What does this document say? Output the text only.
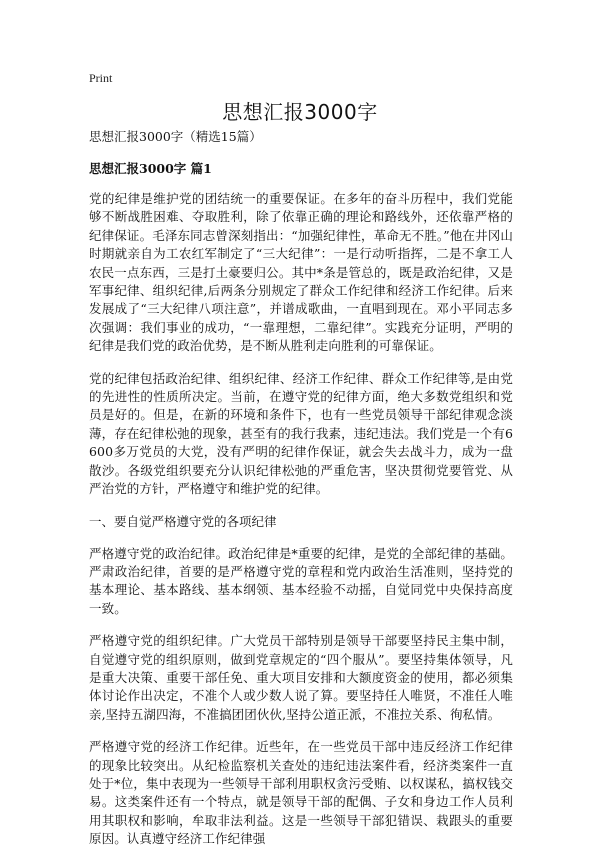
Print
思想汇报3000字

思想汇报3000字（精选15篇）

思想汇报3000字 篇1

党的纪律是维护党的团结统一的重要保证。在多年的奋斗历程中，我们党能够不断战胜困难、夺取胜利，除了依靠正确的理论和路线外，还依靠严格的纪律保证。毛泽东同志曾深刻指出：“加强纪律性，革命无不胜。”他在井冈山时期就亲自为工农红军制定了“三大纪律”：一是行动听指挥，二是不拿工人农民一点东西，三是打土豪要归公。其中*条是管总的，既是政治纪律，又是军事纪律、组织纪律,后两条分别规定了群众工作纪律和经济工作纪律。后来发展成了“三大纪律八项注意”，并谱成歌曲，一直唱到现在。邓小平同志多次强调：我们事业的成功，“一靠理想，二靠纪律”。实践充分证明，严明的纪律是我们党的政治优势，是不断从胜利走向胜利的可靠保证。

党的纪律包括政治纪律、组织纪律、经济工作纪律、群众工作纪律等,是由党的先进性的性质所决定。当前，在遵守党的纪律方面，绝大多数党组织和党员是好的。但是，在新的环境和条件下，也有一些党员领导干部纪律观念淡薄，存在纪律松弛的现象，甚至有的我行我素，违纪违法。我们党是一个有6600多万党员的大党，没有严明的纪律作保证，就会失去战斗力，成为一盘散沙。各级党组织要充分认识纪律松弛的严重危害，坚决贯彻党要管党、从严治党的方针，严格遵守和维护党的纪律。

一、要自觉严格遵守党的各项纪律

严格遵守党的政治纪律。政治纪律是*重要的纪律，是党的全部纪律的基础。严肃政治纪律，首要的是严格遵守党的章程和党内政治生活准则，坚持党的基本理论、基本路线、基本纲领、基本经验不动摇，自觉同党中央保持高度一致。

严格遵守党的组织纪律。广大党员干部特别是领导干部要坚持民主集中制，自觉遵守党的组织原则，做到党章规定的“四个服从”。要坚持集体领导，凡是重大决策、重要干部任免、重大项目安排和大额度资金的使用，都必须集体讨论作出决定，不准个人或少数人说了算。要坚持任人唯贤，不准任人唯亲,坚持五湖四海，不准搞团团伙伙,坚持公道正派，不准拉关系、徇私情。

严格遵守党的经济工作纪律。近些年，在一些党员干部中违反经济工作纪律的现象比较突出。从纪检监察机关查处的违纪违法案件看，经济类案件一直处于*位，集中表现为一些领导干部利用职权贪污受贿、以权谋私，搞权钱交易。这类案件还有一个特点，就是领导干部的配偶、子女和身边工作人员利用其职权和影响，牟取非法利益。这是一些领导干部犯错误、栽跟头的重要原因。认真遵守经济工作纪律强
